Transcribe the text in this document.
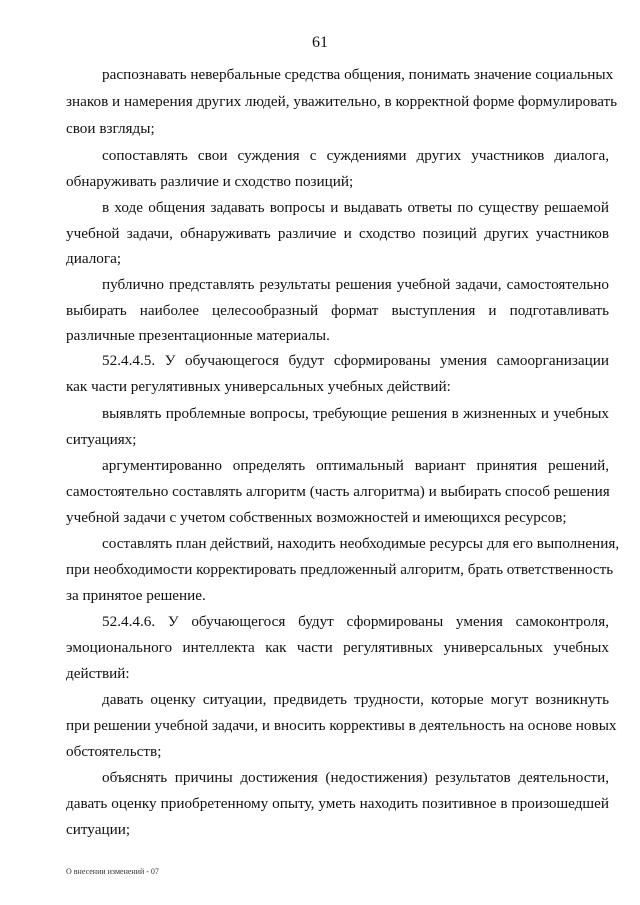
61
распознавать невербальные средства общения, понимать значение социальных
знаков и намерения других людей, уважительно, в корректной форме формулировать
свои взгляды;
сопоставлять свои суждения с суждениями других участников диалога,
обнаруживать различие и сходство позиций;
в ходе общения задавать вопросы и выдавать ответы по существу решаемой
учебной задачи, обнаруживать различие и сходство позиций других участников
диалога;
публично представлять результаты решения учебной задачи, самостоятельно
выбирать наиболее целесообразный формат выступления и подготавливать
различные презентационные материалы.
52.4.4.5. У обучающегося будут сформированы умения самоорганизации
как части регулятивных универсальных учебных действий:
выявлять проблемные вопросы, требующие решения в жизненных и учебных
ситуациях;
аргументированно определять оптимальный вариант принятия решений,
самостоятельно составлять алгоритм (часть алгоритма) и выбирать способ решения
учебной задачи с учетом собственных возможностей и имеющихся ресурсов;
составлять план действий, находить необходимые ресурсы для его выполнения,
при необходимости корректировать предложенный алгоритм, брать ответственность
за принятое решение.
52.4.4.6. У обучающегося будут сформированы умения самоконтроля,
эмоционального интеллекта как части регулятивных универсальных учебных
действий:
давать оценку ситуации, предвидеть трудности, которые могут возникнуть
при решении учебной задачи, и вносить коррективы в деятельность на основе новых
обстоятельств;
объяснять причины достижения (недостижения) результатов деятельности,
давать оценку приобретенному опыту, уметь находить позитивное в произошедшей
ситуации;
О внесении изменений - 07
